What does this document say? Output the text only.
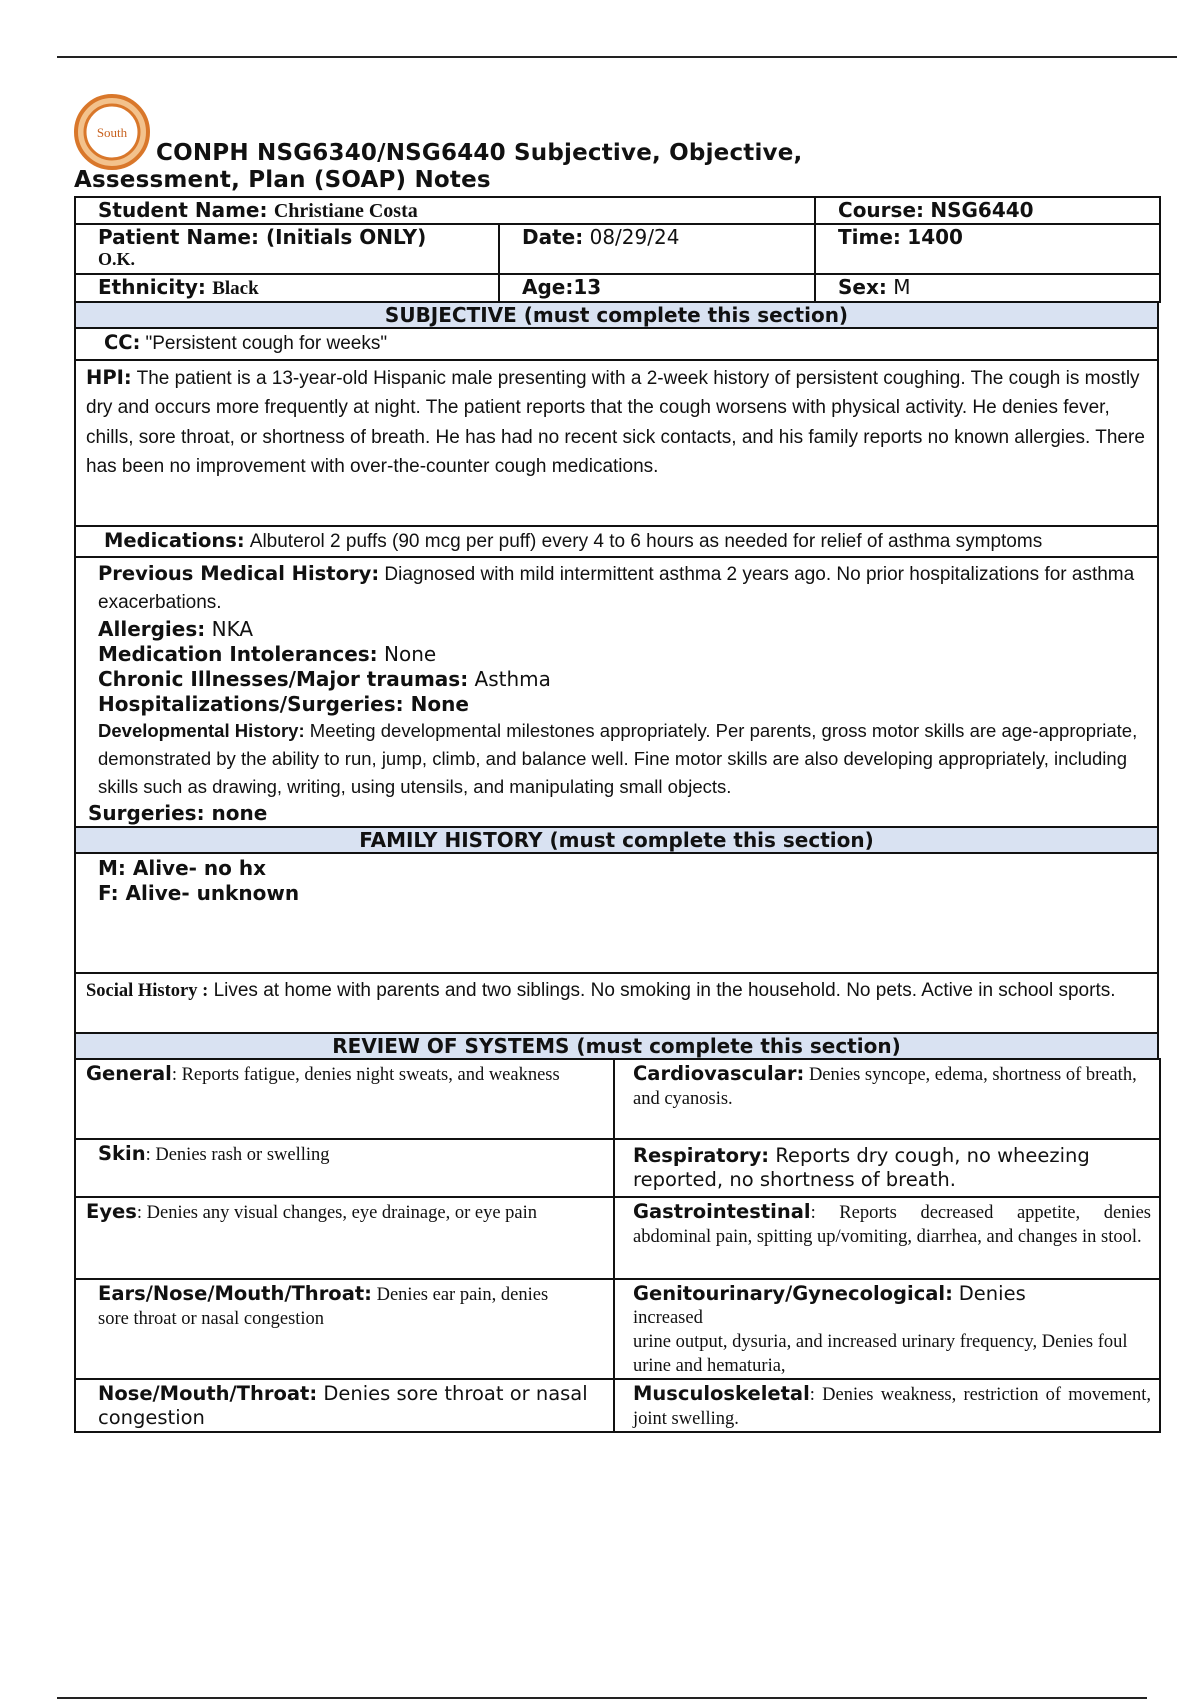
South
CONPH NSG6340/NSG6440 Subjective, Objective,
Assessment, Plan (SOAP) Notes
Student Name: Christiane Costa		Course: NSG6440

Patient Name: (Initials ONLY)
O.K.	Date: 08/29/24	Time: 1400
Ethnicity: Black	Age:13	Sex: M
SUBJECTIVE (must complete this section)
CC: "Persistent cough for weeks"
HPI: The patient is a 13-year-old Hispanic male presenting with a 2-week history of persistent coughing. The cough is mostly dry and occurs more frequently at night. The patient reports that the cough worsens with physical activity. He denies fever, chills, sore throat, or shortness of breath. He has had no recent sick contacts, and his family reports no known allergies. There has been no improvement with over-the-counter cough medications.
Medications: Albuterol 2 puffs (90 mcg per puff) every 4 to 6 hours as needed for relief of asthma symptoms

Previous Medical History: Diagnosed with mild intermittent asthma 2 years ago. No prior hospitalizations for asthma exacerbations.
Allergies: NKA
Medication Intolerances: None
Chronic Illnesses/Major traumas: Asthma
Hospitalizations/Surgeries: None
Developmental History: Meeting developmental milestones appropriately. Per parents, gross motor skills are age-appropriate, demonstrated by the ability to run, jump, climb, and balance well. Fine motor skills are also developing appropriately, including skills such as drawing, writing, using utensils, and manipulating small objects.
Surgeries: none

FAMILY HISTORY (must complete this section)

M: Alive- no hx
F: Alive- unknown

Social History : Lives at home with parents and two siblings. No smoking in the household. No pets. Active in school sports.
REVIEW OF SYSTEMS (must complete this section)
General: Reports fatigue, denies night sweats, and weakness	Cardiovascular: Denies syncope, edema, shortness of breath, and cyanosis.
Skin: Denies rash or swelling	Respiratory: Reports dry cough, no wheezing reported, no shortness of breath.
Eyes: Denies any visual changes, eye drainage, or eye pain	Gastrointestinal: Reports decreased appetite, denies abdominal pain, spitting up/vomiting, diarrhea, and changes in stool.
Ears/Nose/Mouth/Throat: Denies ear pain, denies sore throat or nasal congestion	Genitourinary/Gynecological: Denies
increased
urine output, dysuria, and increased urinary frequency, Denies foul urine and hematuria,

Nose/Mouth/Throat: Denies sore throat or nasal congestion	Musculoskeletal: Denies weakness, restriction of movement, joint swelling.
